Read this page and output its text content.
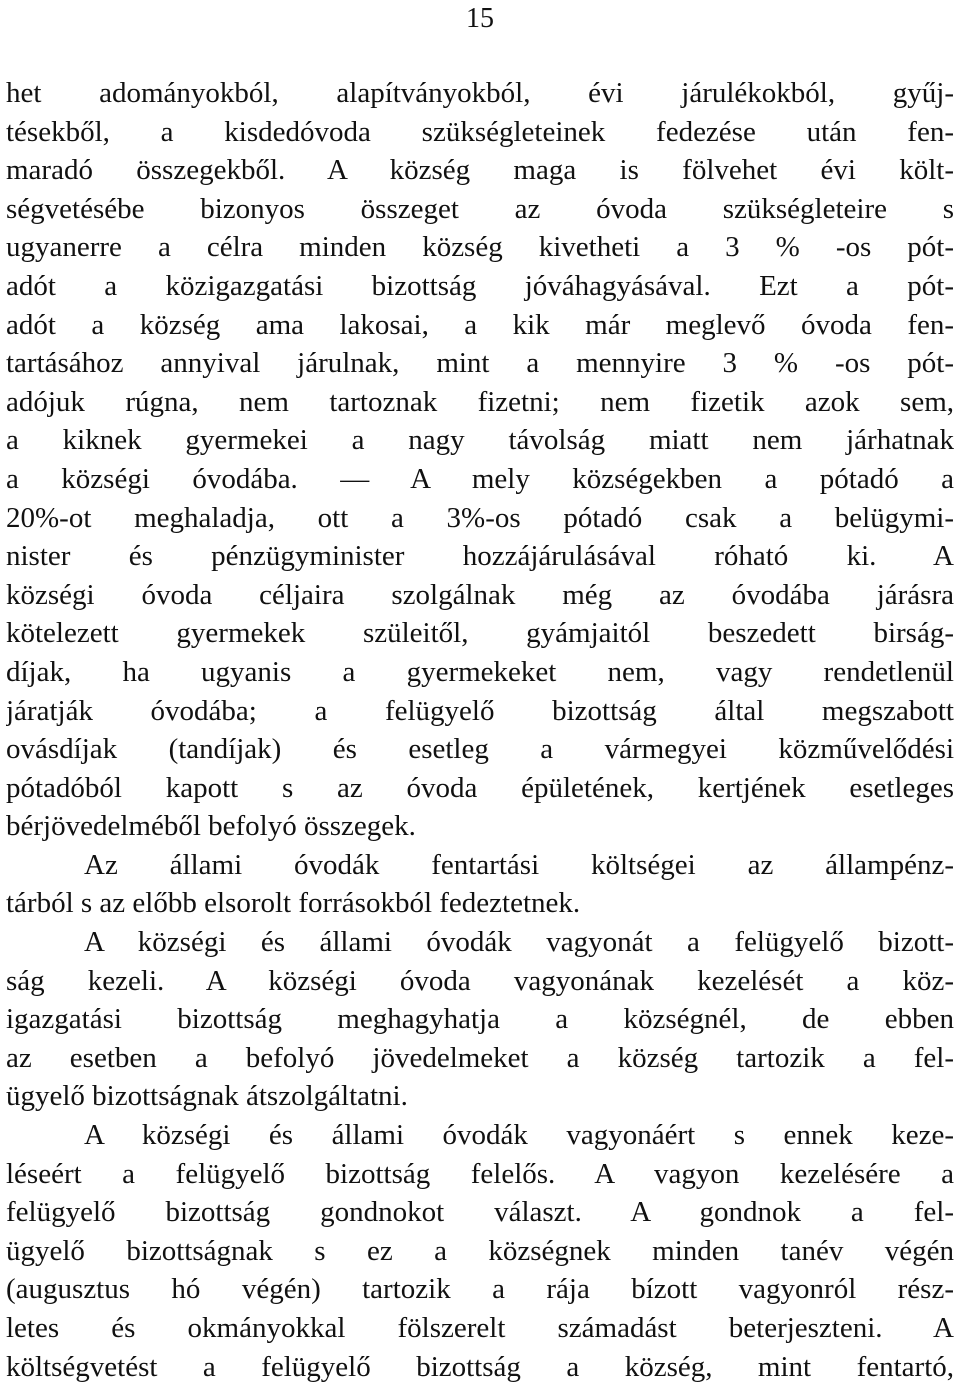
15
het adományokból, alapítványokból, évi járulékokból, gyűj-
tésekből, a kisdedóvoda szükségleteinek fedezése után fen-
maradó összegekből. A község maga is fölvehet évi költ-
ségvetésébe bizonyos összeget az óvoda szükségleteire s
ugyanerre a célra minden község kivetheti a 3 % -os pót-
adót a közigazgatási bizottság jóváhagyásával. Ezt a pót-
adót a község ama lakosai, a kik már meglevő óvoda fen-
tartásához annyival járulnak, mint a mennyire 3 % -os pót-
adójuk rúgna, nem tartoznak fizetni; nem fizetik azok sem,
a kiknek gyermekei a nagy távolság miatt nem járhatnak
a községi óvodába. — A mely községekben a pótadó a
20%-ot meghaladja, ott a 3%-os pótadó csak a belügymi-
nister és pénzügyminister hozzájárulásával róható ki. A
községi óvoda céljaira szolgálnak még az óvodába járásra
kötelezett gyermekek szüleitől, gyámjaitól beszedett birság-
díjak, ha ugyanis a gyermekeket nem, vagy rendetlenül
járatják óvodába; a felügyelő bizottság által megszabott
ovásdíjak (tandíjak) és esetleg a vármegyei közművelődési
pótadóból kapott s az óvoda épületének, kertjének esetleges
bérjövedelméből befolyó összegek.
Az állami óvodák fentartási költségei az állampénz-
tárból s az előbb elsorolt forrásokból fedeztetnek.
A községi és állami óvodák vagyonát a felügyelő bizott-
ság kezeli. A községi óvoda vagyonának kezelését a köz-
igazgatási bizottság meghagyhatja a községnél, de ebben
az esetben a befolyó jövedelmeket a község tartozik a fel-
ügyelő bizottságnak átszolgáltatni.
A községi és állami óvodák vagyonáért s ennek keze-
léseért a felügyelő bizottság felelős. A vagyon kezelésére a
felügyelő bizottság gondnokot választ. A gondnok a fel-
ügyelő bizottságnak s ez a községnek minden tanév végén
(augusztus hó végén) tartozik a rája bízott vagyonról rész-
letes és okmányokkal fölszerelt számadást beterjeszteni. A
költségvetést a felügyelő bizottság a község, mint fentartó,
